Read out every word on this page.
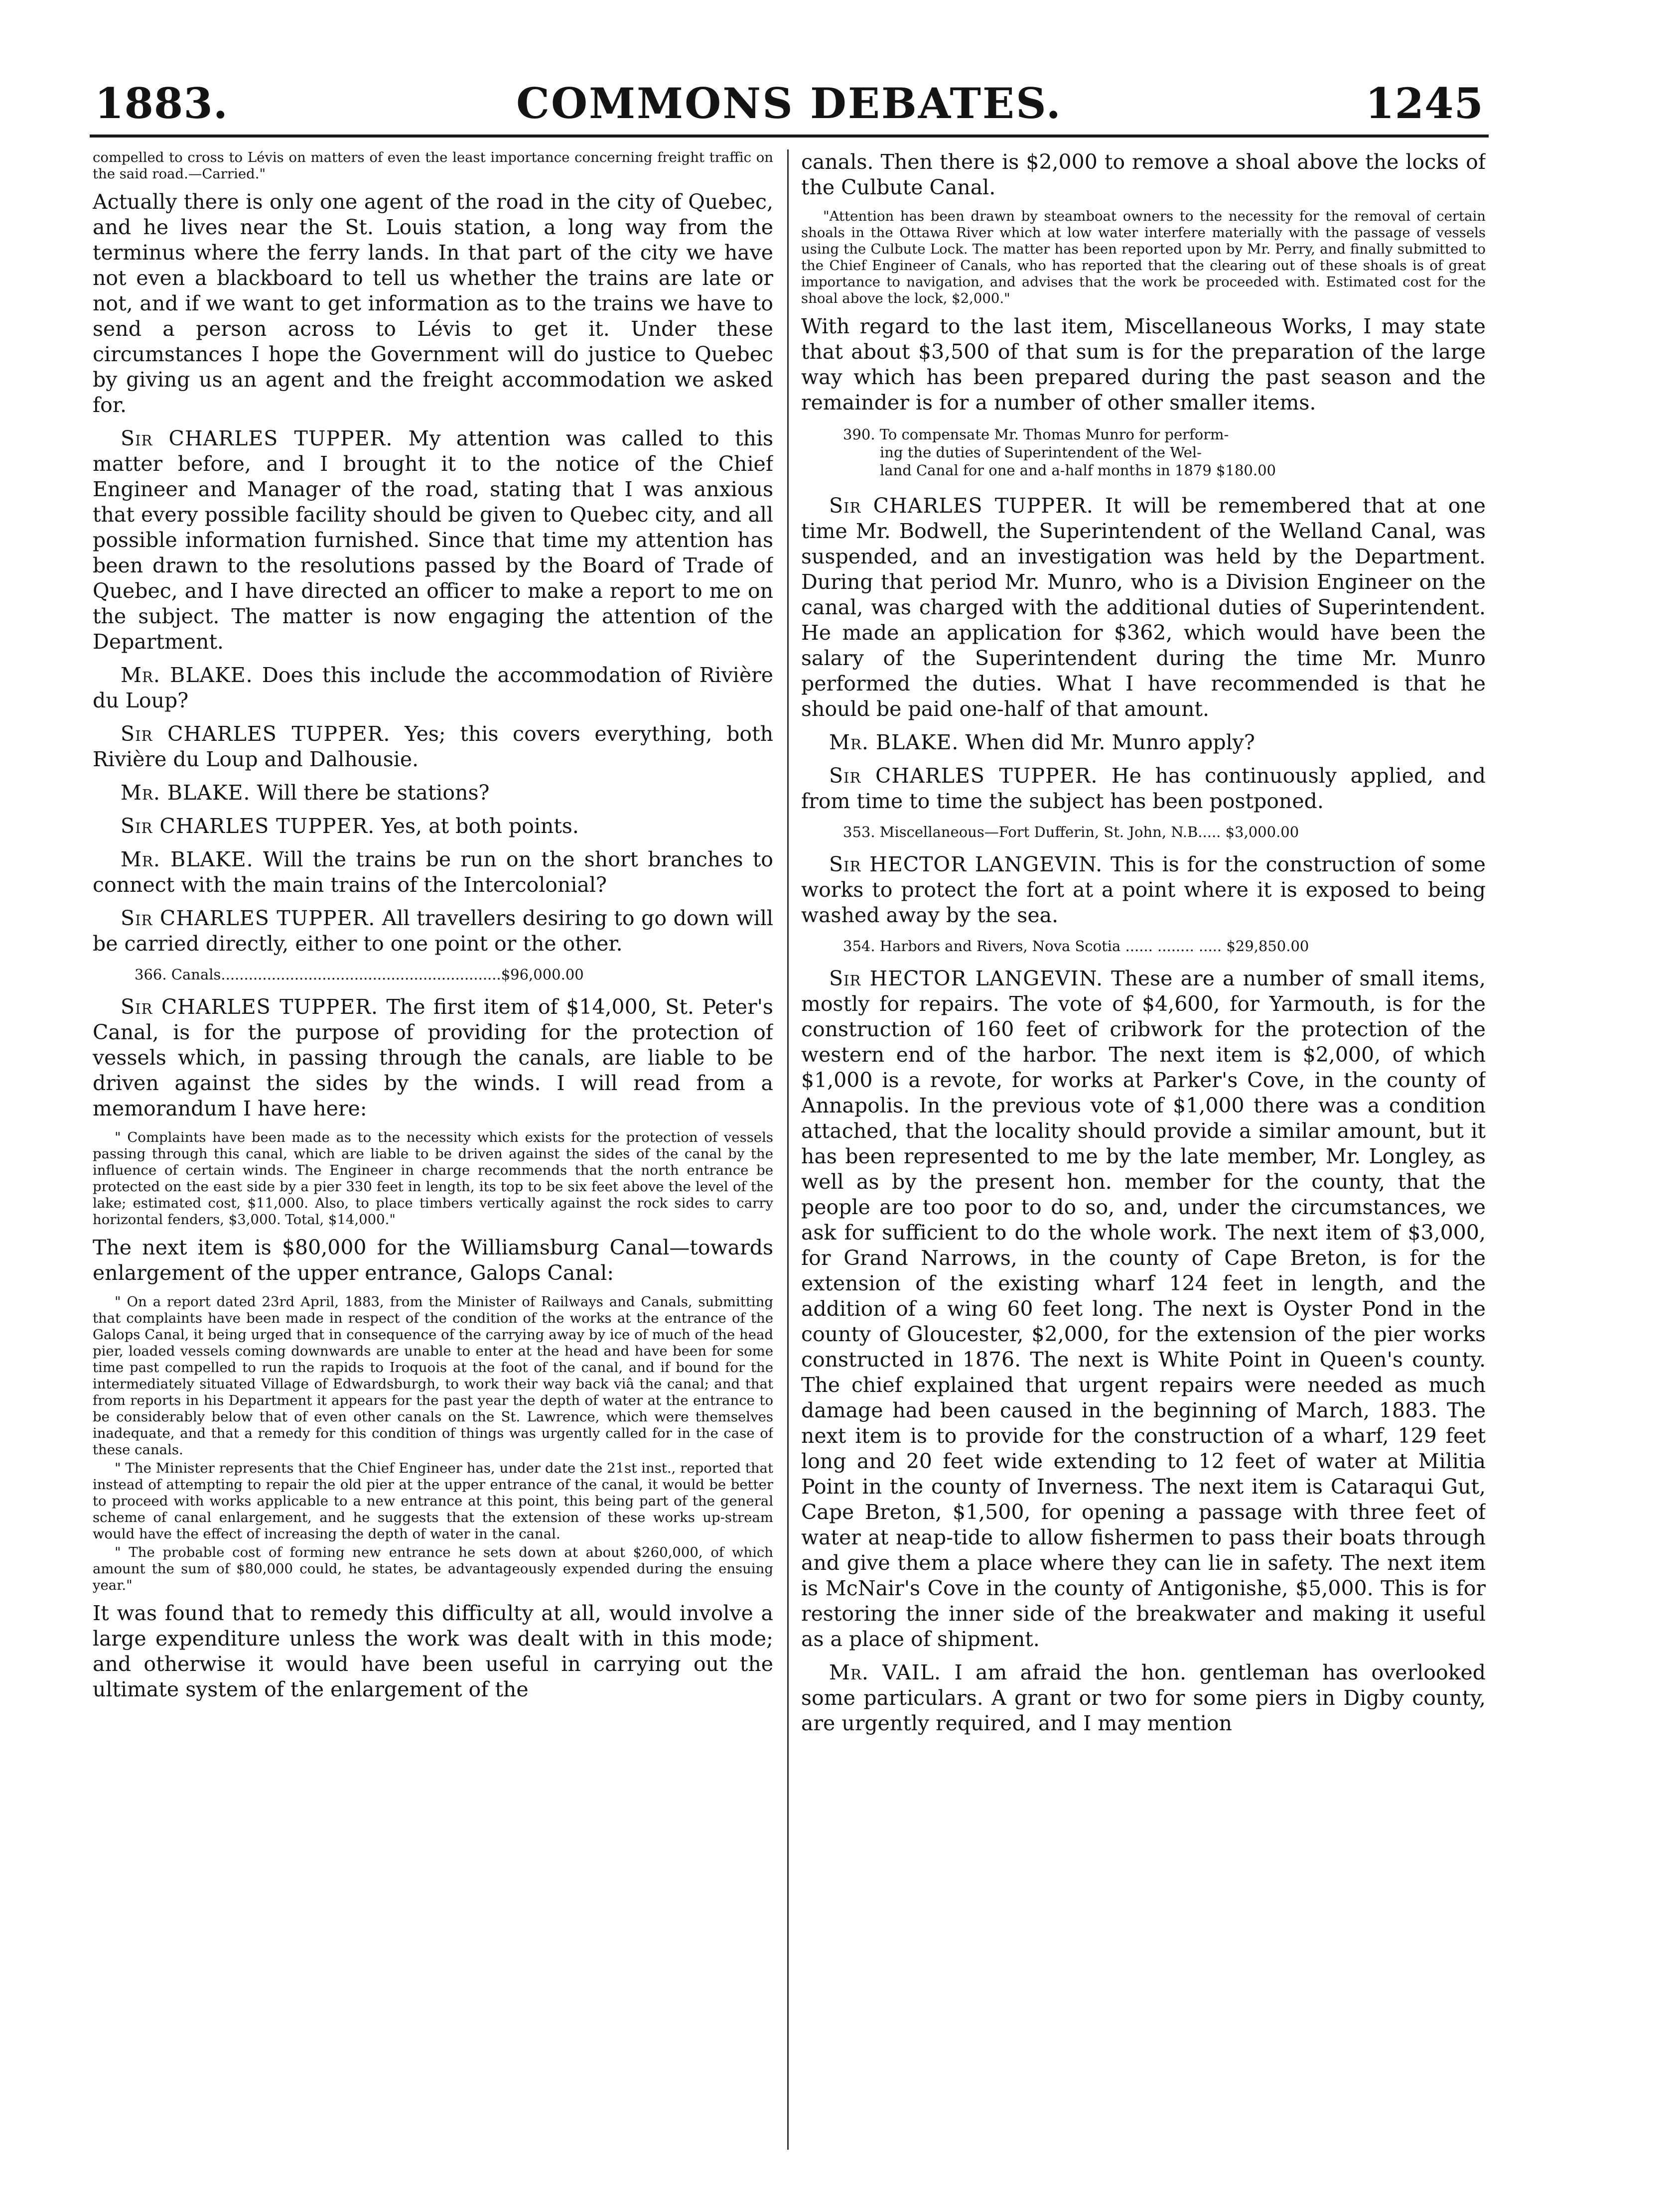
1883.	COMMONS DEBATES.	1245

compelled to cross to Lévis on matters of even the least importance concerning freight traffic on the said road.—Carried."

Actually there is only one agent of the road in the city of Quebec, and he lives near the St. Louis station, a long way from the terminus where the ferry lands. In that part of the city we have not even a blackboard to tell us whether the trains are late or not, and if we want to get information as to the trains we have to send a person across to Lévis to get it. Under these circumstances I hope the Government will do justice to Quebec by giving us an agent and the freight accommodation we asked for.

Sir CHARLES TUPPER. My attention was called to this matter before, and I brought it to the notice of the Chief Engineer and Manager of the road, stating that I was anxious that every possible facility should be given to Quebec city, and all possible information furnished. Since that time my attention has been drawn to the resolutions passed by the Board of Trade of Quebec, and I have directed an officer to make a report to me on the subject. The matter is now engaging the attention of the Department.

Mr. BLAKE. Does this include the accommodation of Rivière du Loup?

Sir CHARLES TUPPER. Yes; this covers everything, both Rivière du Loup and Dalhousie.

Mr. BLAKE. Will there be stations?

Sir CHARLES TUPPER. Yes, at both points.

Mr. BLAKE. Will the trains be run on the short branches to connect with the main trains of the Intercolonial?

Sir CHARLES TUPPER. All travellers desiring to go down will be carried directly, either to one point or the other.

366. Canals.............................................................$96,000.00

Sir CHARLES TUPPER. The first item of $14,000, St. Peter's Canal, is for the purpose of providing for the protection of vessels which, in passing through the canals, are liable to be driven against the sides by the winds. I will read from a memorandum I have here:

" Complaints have been made as to the necessity which exists for the protection of vessels passing through this canal, which are liable to be driven against the sides of the canal by the influence of certain winds. The Engineer in charge recommends that the north entrance be protected on the east side by a pier 330 feet in length, its top to be six feet above the level of the lake; estimated cost, $11,000. Also, to place timbers vertically against the rock sides to carry horizontal fenders, $3,000. Total, $14,000."

The next item is $80,000 for the Williamsburg Canal—towards enlargement of the upper entrance, Galops Canal:

" On a report dated 23rd April, 1883, from the Minister of Railways and Canals, submitting that complaints have been made in respect of the condition of the works at the entrance of the Galops Canal, it being urged that in consequence of the carrying away by ice of much of the head pier, loaded vessels coming downwards are unable to enter at the head and have been for some time past compelled to run the rapids to Iroquois at the foot of the canal, and if bound for the intermediately situated Village of Edwardsburgh, to work their way back viâ the canal; and that from reports in his Department it appears for the past year the depth of water at the entrance to be considerably below that of even other canals on the St. Lawrence, which were themselves inadequate, and that a remedy for this condition of things was urgently called for in the case of these canals.

" The Minister represents that the Chief Engineer has, under date the 21st inst., reported that instead of attempting to repair the old pier at the upper entrance of the canal, it would be better to proceed with works applicable to a new entrance at this point, this being part of the general scheme of canal enlargement, and he suggests that the extension of these works up-stream would have the effect of increasing the depth of water in the canal.

" The probable cost of forming new entrance he sets down at about $260,000, of which amount the sum of $80,000 could, he states, be advantageously expended during the ensuing year."

It was found that to remedy this difficulty at all, would involve a large expenditure unless the work was dealt with in this mode; and otherwise it would have been useful in carrying out the ultimate system of the enlargement of the

canals. Then there is $2,000 to remove a shoal above the locks of the Culbute Canal.

"Attention has been drawn by steamboat owners to the necessity for the removal of certain shoals in the Ottawa River which at low water interfere materially with the passage of vessels using the Culbute Lock. The matter has been reported upon by Mr. Perry, and finally submitted to the Chief Engineer of Canals, who has reported that the clearing out of these shoals is of great importance to navigation, and advises that the work be proceeded with. Estimated cost for the shoal above the lock, $2,000."

With regard to the last item, Miscellaneous Works, I may state that about $3,500 of that sum is for the preparation of the large way which has been prepared during the past season and the remainder is for a number of other smaller items.

390. To compensate Mr. Thomas Munro for perform-
ing the duties of Superintendent of the Wel-
land Canal for one and a-half months in 1879 $180.00

Sir CHARLES TUPPER. It will be remembered that at one time Mr. Bodwell, the Superintendent of the Welland Canal, was suspended, and an investigation was held by the Department. During that period Mr. Munro, who is a Division Engineer on the canal, was charged with the additional duties of Superintendent. He made an application for $362, which would have been the salary of the Superintendent during the time Mr. Munro performed the duties. What I have recommended is that he should be paid one-half of that amount.

Mr. BLAKE. When did Mr. Munro apply?

Sir CHARLES TUPPER. He has continuously applied, and from time to time the subject has been postponed.

353. Miscellaneous—Fort Dufferin, St. John, N.B..... $3,000.00

Sir HECTOR LANGEVIN. This is for the construction of some works to protect the fort at a point where it is exposed to being washed away by the sea.

354. Harbors and Rivers, Nova Scotia ...... ........ ..... $29,850.00

Sir HECTOR LANGEVIN. These are a number of small items, mostly for repairs. The vote of $4,600, for Yarmouth, is for the construction of 160 feet of cribwork for the protection of the western end of the harbor. The next item is $2,000, of which $1,000 is a revote, for works at Parker's Cove, in the county of Annapolis. In the previous vote of $1,000 there was a condition attached, that the locality should provide a similar amount, but it has been represented to me by the late member, Mr. Longley, as well as by the present hon. member for the county, that the people are too poor to do so, and, under the circumstances, we ask for sufficient to do the whole work. The next item of $3,000, for Grand Narrows, in the county of Cape Breton, is for the extension of the existing wharf 124 feet in length, and the addition of a wing 60 feet long. The next is Oyster Pond in the county of Gloucester, $2,000, for the extension of the pier works constructed in 1876. The next is White Point in Queen's county. The chief explained that urgent repairs were needed as much damage had been caused in the beginning of March, 1883. The next item is to provide for the construction of a wharf, 129 feet long and 20 feet wide extending to 12 feet of water at Militia Point in the county of Inverness. The next item is Cataraqui Gut, Cape Breton, $1,500, for opening a passage with three feet of water at neap-tide to allow fishermen to pass their boats through and give them a place where they can lie in safety. The next item is McNair's Cove in the county of Antigonishe, $5,000. This is for restoring the inner side of the breakwater and making it useful as a place of shipment.

Mr. VAIL. I am afraid the hon. gentleman has overlooked some particulars. A grant or two for some piers in Digby county, are urgently required, and I may mention
